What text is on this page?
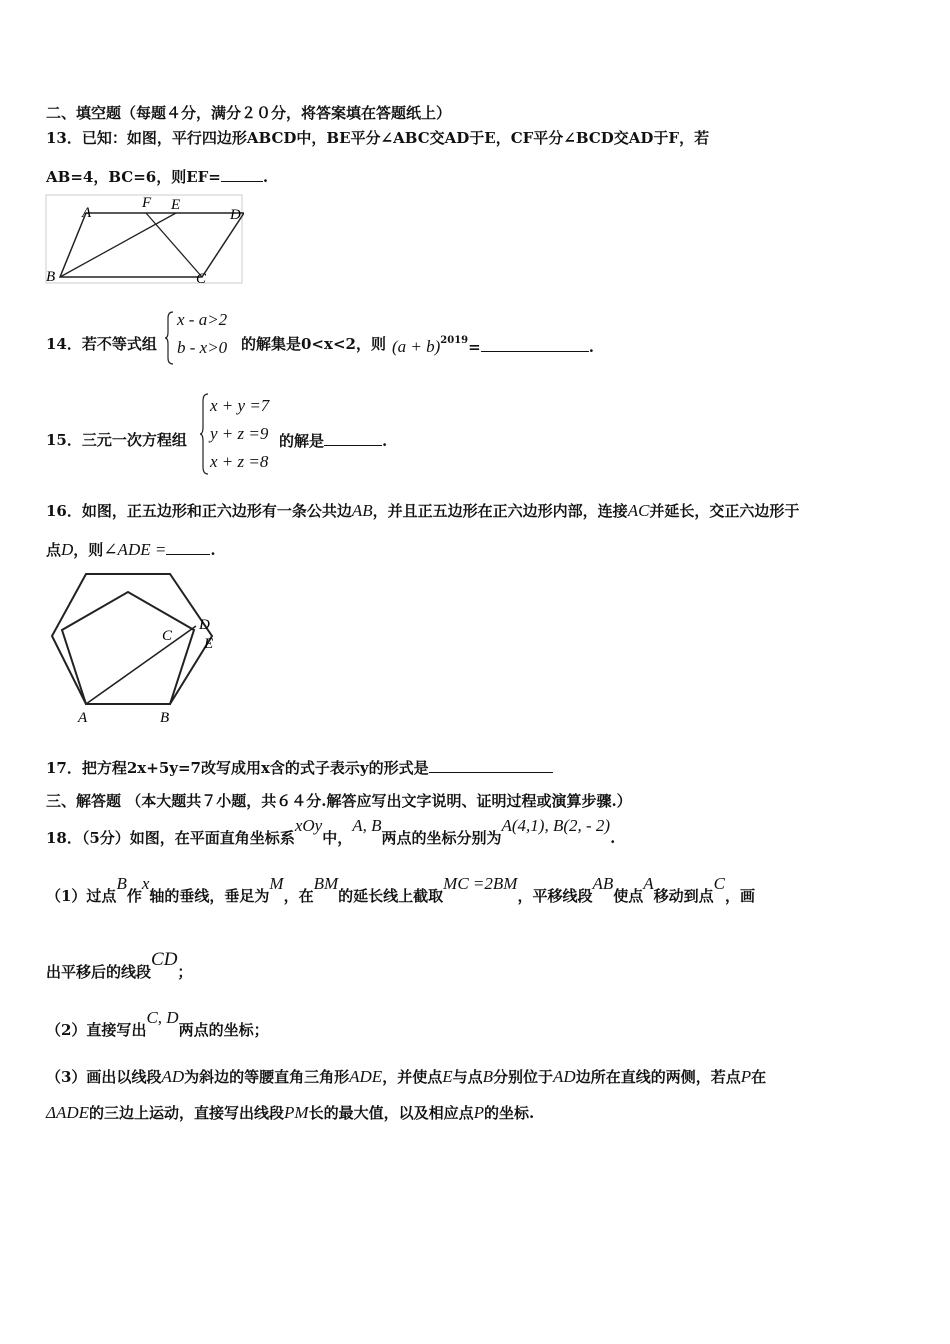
二、填空题（每题４分，满分２０分，将答案填在答题纸上）
13．已知：如图，平行四边形ABCD中，BE平分∠ABC交AD于E，CF平分∠BCD交AD于F，若
AB=4，BC=6，则EF=	.
A
F E
D
B	C
14．若不等式组
x - a>2
b - x>0 的解集是0<x<2，则 $(a + b)^{2019}=$	.
15．三元一次方程组
x + y =7
y + z =9
x + z =8
的解是	.
16．如图，正五边形和正六边形有一条公共边AB，并且正五边形在正六边形内部，连接AC并延长，交正六边形于
点D，则∠ADE =	.
C
D
E
A	B
17．把方程2x+5y=7改写成用x含的式子表示y的形式是
三、解答题 （本大题共７小题，共６４分.解答应写出文字说明、证明过程或演算步骤.）
18．（5分）如图，在平面直角坐标系xOy中，A, B两点的坐标分别为A(4,1), B(2, - 2).
（1）过点B作x轴的垂线，垂足为M，在BM的延长线上截取MC =2BM，平移线段AB使点A移动到点C，画
出平移后的线段CD；
（2）直接写出C, D两点的坐标；
（3）画出以线段AD为斜边的等腰直角三角形ADE，并使点E与点B分别位于AD边所在直线的两侧，若点P在
ΔADE的三边上运动，直接写出线段PM长的最大值，以及相应点P的坐标.
